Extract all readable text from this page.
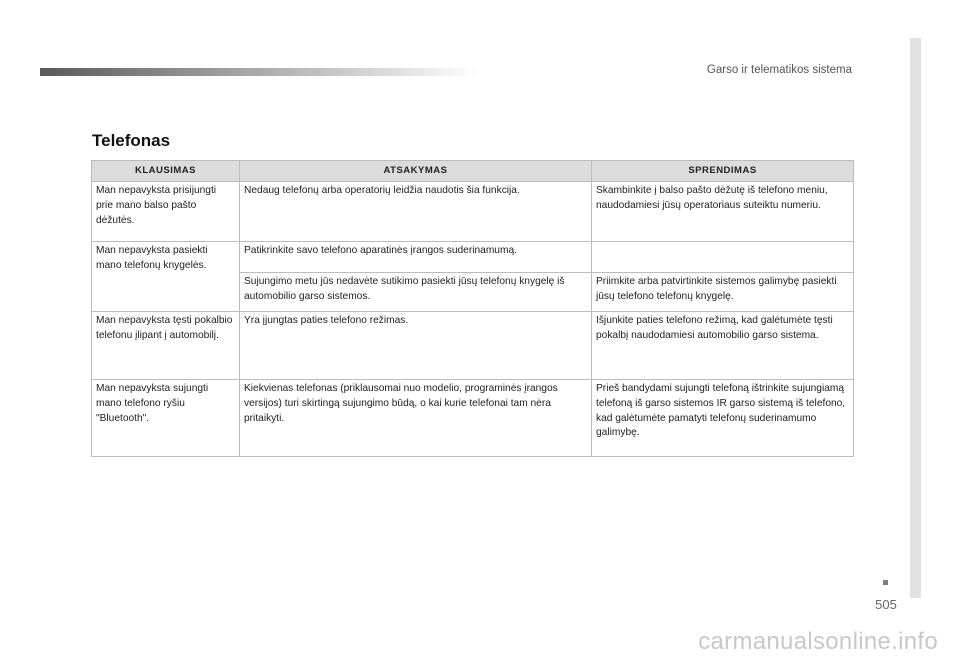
Garso ir telematikos sistema
505
Telefonas
KLAUSIMAS	ATSAKYMAS	SPRENDIMAS
Man nepavyksta prisijungti prie mano balso pašto dėžutės.	Nedaug telefonų arba operatorių leidžia naudotis šia funkcija.	Skambinkite į balso pašto dėžutę iš telefono meniu, naudodamiesi jūsų operatoriaus suteiktu numeriu.
Man nepavyksta pasiekti mano telefonų knygelės.	Patikrinkite savo telefono aparatinės įrangos suderinamumą.	
	Sujungimo metu jūs nedavėte sutikimo pasiekti jūsų telefonų knygelę iš automobilio garso sistemos.	Priimkite arba patvirtinkite sistemos galimybę pasiekti jūsų telefono telefonų knygelę.
Man nepavyksta tęsti pokalbio telefonu įlipant į automobilį.	Yra įjungtas paties telefono režimas.	Išjunkite paties telefono režimą, kad galėtumėte tęsti pokalbį naudodamiesi automobilio garso sistema.
Man nepavyksta sujungti mano telefono ryšiu "Bluetooth".	Kiekvienas telefonas (priklausomai nuo modelio, programinės įrangos versijos) turi skirtingą sujungimo būdą, o kai kurie telefonai tam nėra pritaikyti.	Prieš bandydami sujungti telefoną ištrinkite sujungiamą telefoną iš garso sistemos IR garso sistemą iš telefono, kad galėtumėte pamatyti telefonų suderinamumo galimybę.
carmanualsonline.info
